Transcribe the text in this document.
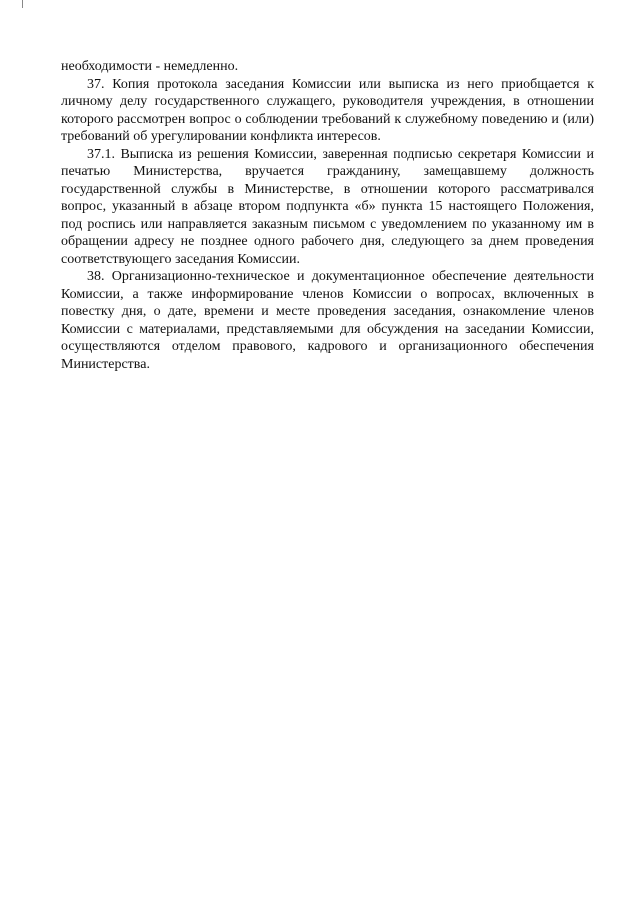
необходимости - немедленно.

37. Копия протокола заседания Комиссии или выписка из него приобщается к личному делу государственного служащего, руководителя учреждения, в отношении которого рассмотрен вопрос о соблюдении требований к служебному поведению и (или) требований об урегулировании конфликта интересов.

37.1. Выписка из решения Комиссии, заверенная подписью секретаря Комиссии и печатью Министерства, вручается гражданину, замещавшему должность государственной службы в Министерстве, в отношении которого рассматривался вопрос, указанный в абзаце втором подпункта «б» пункта 15 настоящего Положения, под роспись или направляется заказным письмом с уведомлением по указанному им в обращении адресу не позднее одного рабочего дня, следующего за днем проведения соответствующего заседания Комиссии.

38. Организационно-техническое и документационное обеспечение деятельности Комиссии, а также информирование членов Комиссии о вопросах, включенных в повестку дня, о дате, времени и месте проведения заседания, ознакомление членов Комиссии с материалами, представляемыми для обсуждения на заседании Комиссии, осуществляются отделом правового, кадрового и организационного обеспечения Министерства.
